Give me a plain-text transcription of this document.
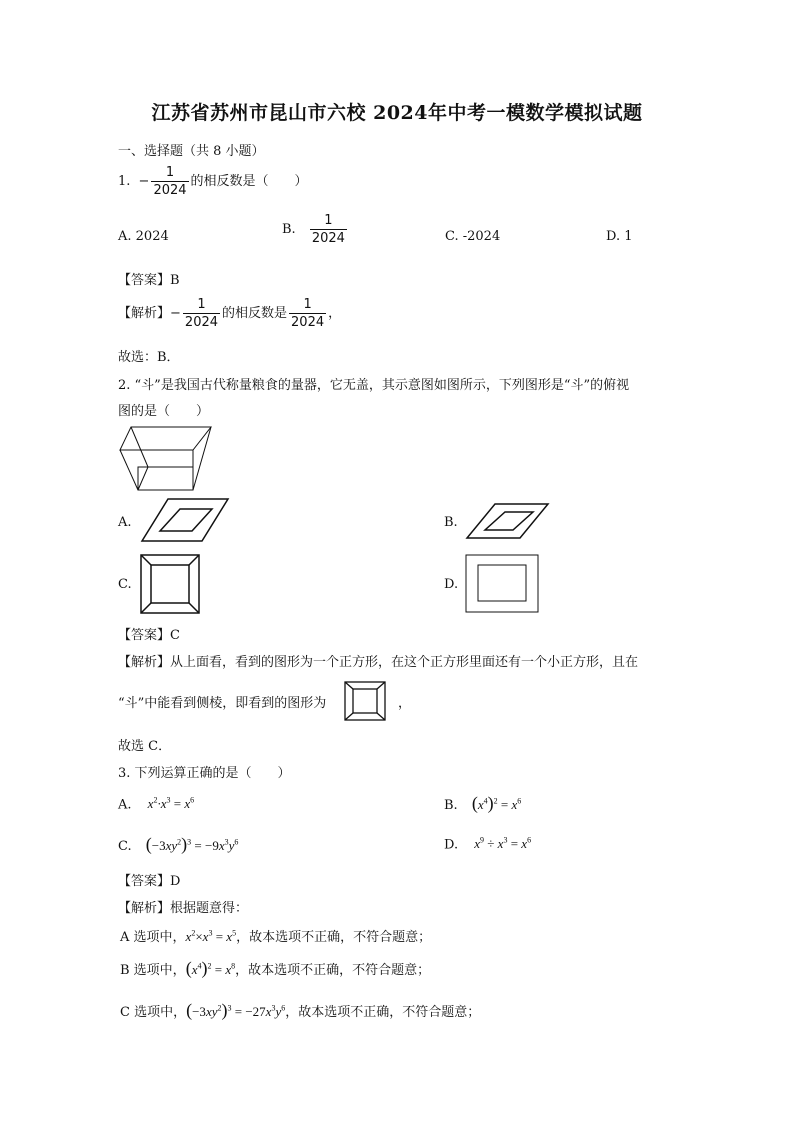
江苏省苏州市昆山市六校 2024年中考一模数学模拟试题
一、选择题（共 8 小题）
1. − $\frac{1}{2024}$ 的相反数是（　　）
A. 2024	B. $\frac{1}{2024}$	C. -2024	D. 1
【答案】B
【解析】− $\frac{1}{2024}$ 的相反数是 $\frac{1}{2024}$ ，
故选：B．
2. “斗”是我国古代称量粮食的量器，它无盖，其示意图如图所示，下列图形是“斗”的俯视
图的是（　　）
A.	B.
C.	D.
【答案】C
【解析】从上面看，看到的图形为一个正方形，在这个正方形里面还有一个小正方形，且在
“斗”中能看到侧棱，即看到的图形为	，
故选 C．
3. 下列运算正确的是（　　）
A. $x^2\cdot x^3 = x^6$	B. $(x^4)^2 = x^6$
C. $(-3xy^2)^3 = -9x^3y^6$	D. $x^9 \div x^3 = x^6$
【答案】D
【解析】根据题意得：
A 选项中，$x^2\times x^3 = x^5$，故本选项不正确，不符合题意；
B 选项中，$(x^4)^2 = x^8$，故本选项不正确，不符合题意；
C 选项中，$(-3xy^2)^3 = -27x^3y^6$，故本选项不正确，不符合题意；
